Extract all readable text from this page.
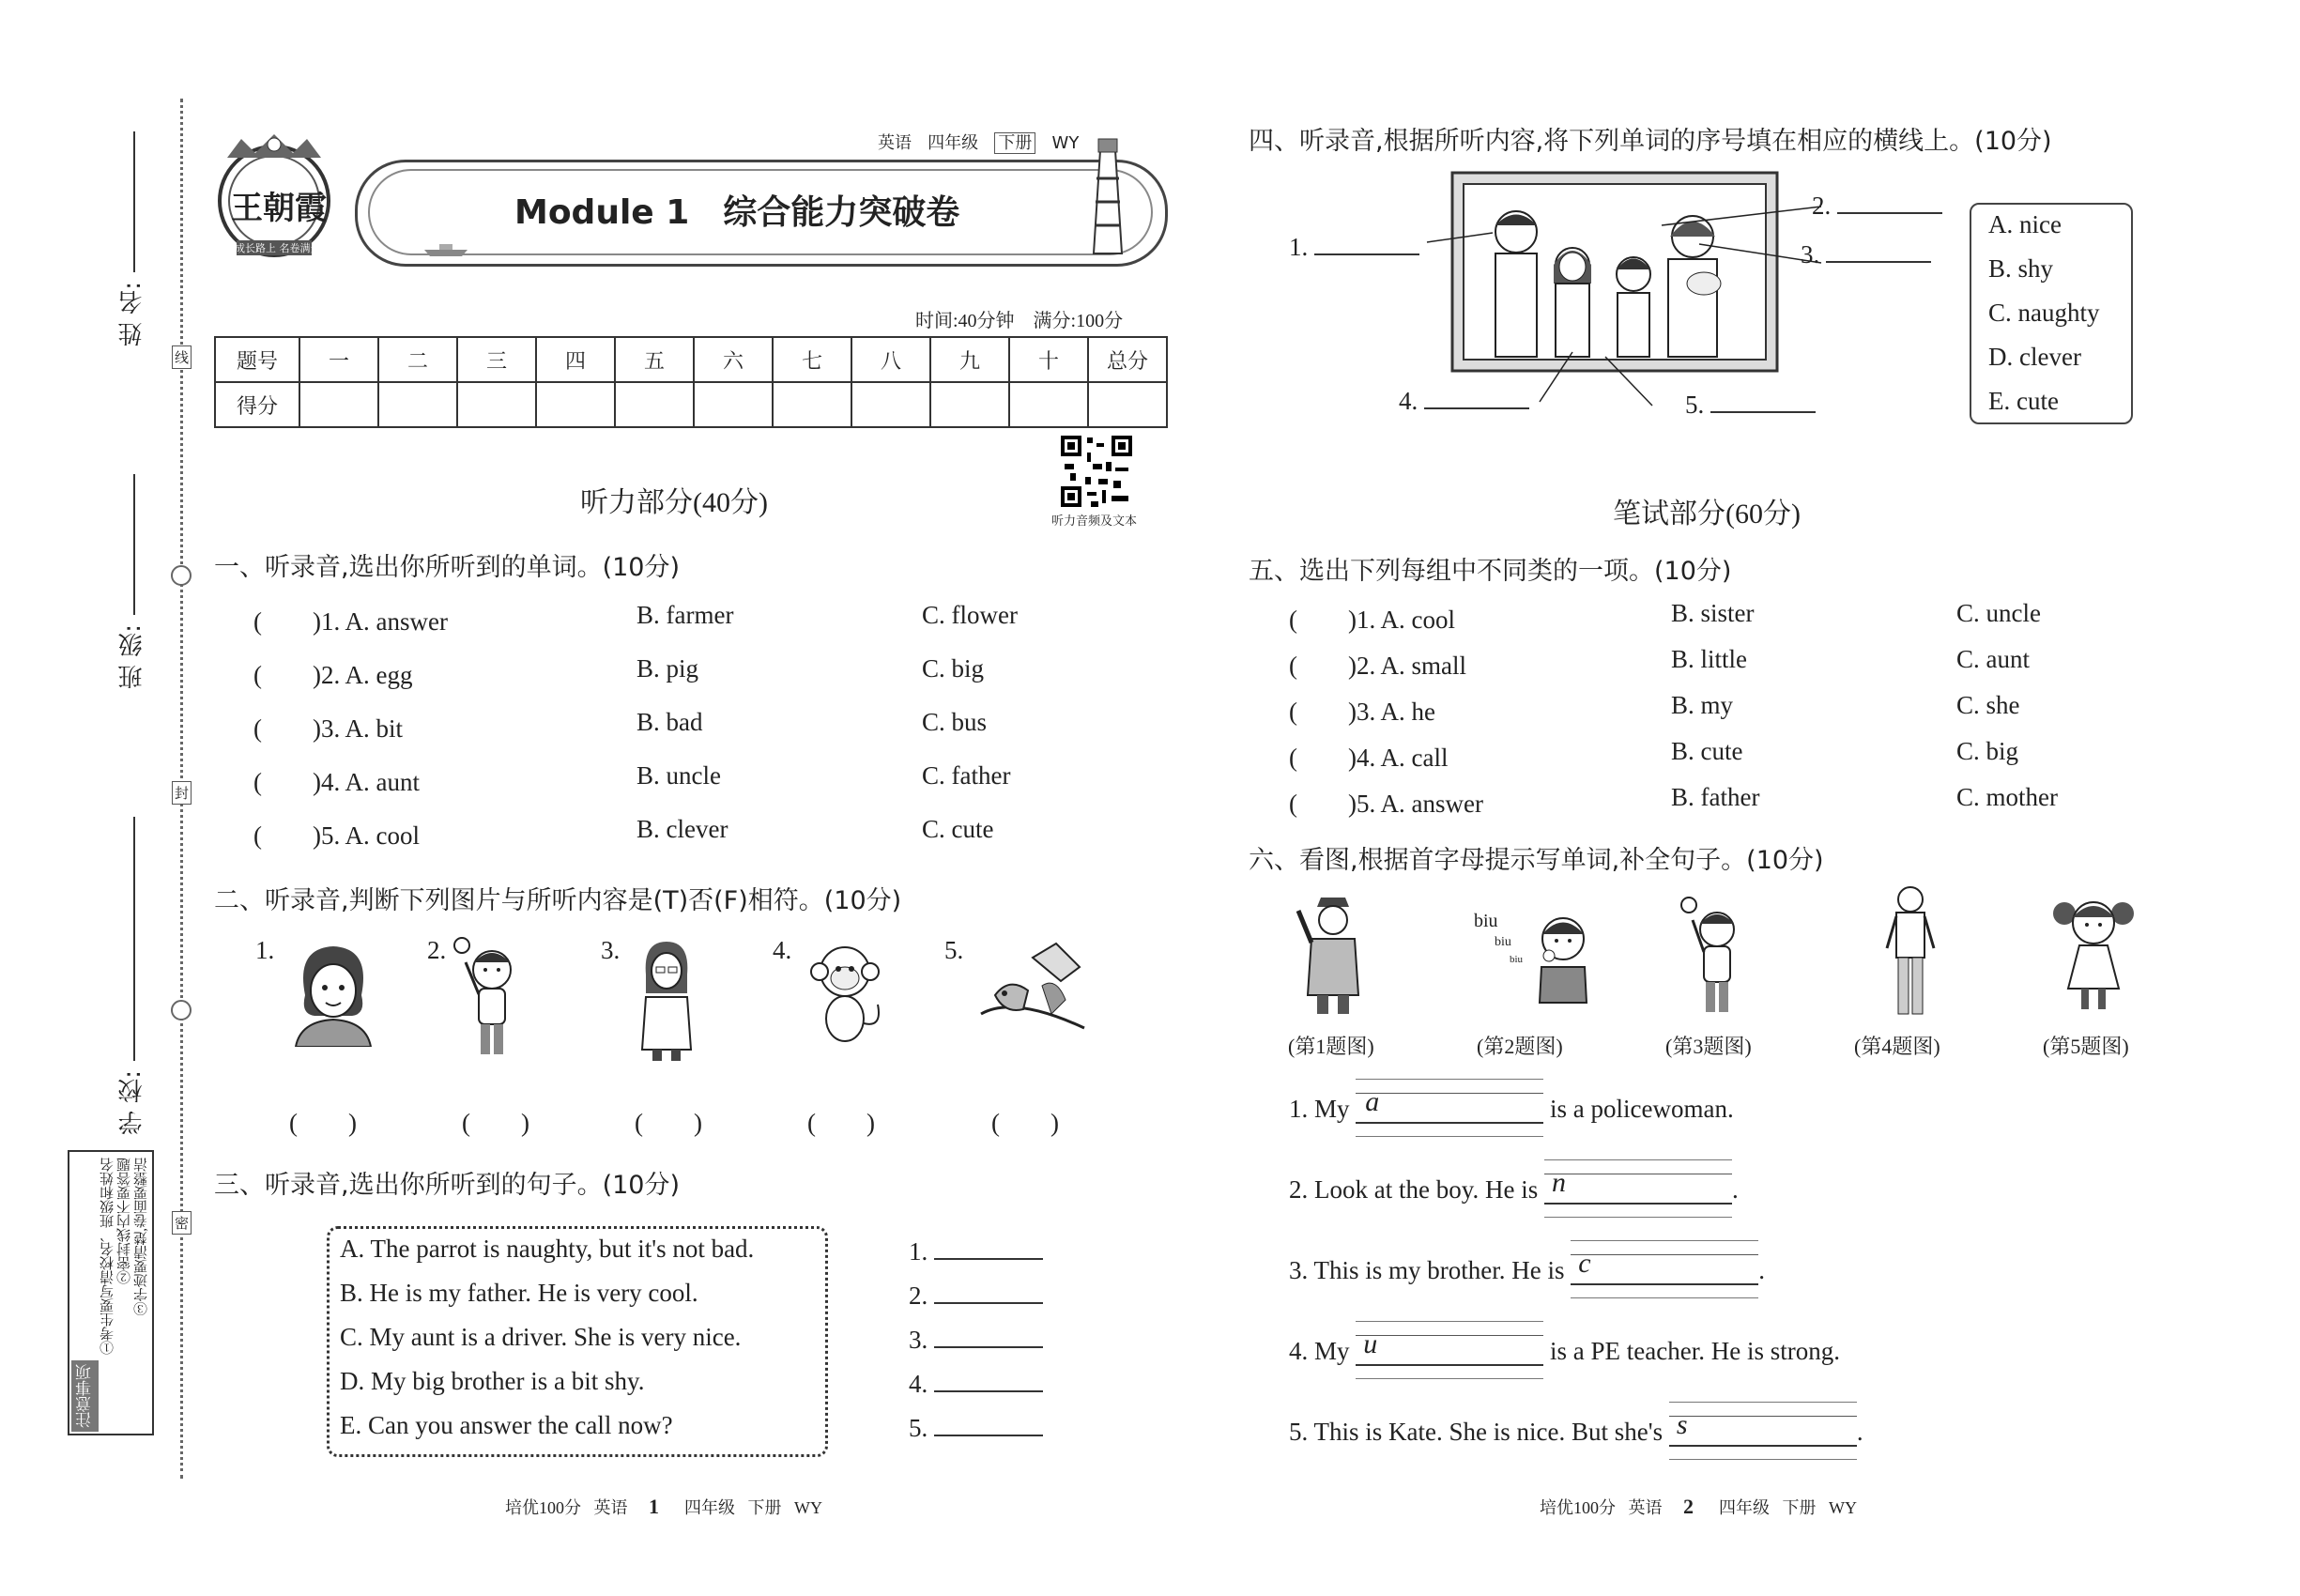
线
封
密
姓 名:
班 级:
学 校:
注意事项
①考生要写清校名、班级和姓名 ②密封线内不要答题 ③字迹要清楚,卷面要整洁
王朝霞
成长路上 名卷满天
Module 1　综合能力突破卷
英语 四年级 下册 WY
时间:40分钟　满分:100分
题号	一	二	三	四	五	六	七	八	九	十	总分
得分											
听力音频及文本
听力部分(40分)
一、听录音,选出你所听到的单词。(10分)
(　　)1. A. answer	B. farmer	C. flower
(　　)2. A. egg	B. pig	C. big
(　　)3. A. bit	B. bad	C. bus
(　　)4. A. aunt	B. uncle	C. father
(　　)5. A. cool	B. clever	C. cute
二、听录音,判断下列图片与所听内容是(T)否(F)相符。(10分)
1.	2.	3.	4.	5.
(　　)	(　　)	(　　)	(　　)	(　　)
三、听录音,选出你所听到的句子。(10分)
A. The parrot is naughty, but it's not bad.
B. He is my father. He is very cool.
C. My aunt is a driver. She is very nice.
D. My big brother is a bit shy.
E. Can you answer the call now?
1.
2.
3.
4.
5.
培优100分 英语 1 四年级 下册 WY
四、听录音,根据所听内容,将下列单词的序号填在相应的横线上。(10分)
1.
2.
3.
4.	5.
A. nice
B. shy
C. naughty
D. clever
E. cute
笔试部分(60分)
五、选出下列每组中不同类的一项。(10分)
(　　)1. A. cool	B. sister	C. uncle
(　　)2. A. small	B. little	C. aunt
(　　)3. A. he	B. my	C. she
(　　)4. A. call	B. cute	C. big
(　　)5. A. answer	B. father	C. mother
六、看图,根据首字母提示写单词,补全句子。(10分)
biu
biu
biu
(第1题图)	(第2题图)	(第3题图)	(第4题图)	(第5题图)
1. My a	is a policewoman.
2. Look at the boy. He is n	.
3. This is my brother. He is c	.
4. My u	is a PE teacher. He is strong.
5. This is Kate. She is nice. But she's s	.
培优100分 英语 2 四年级 下册 WY
